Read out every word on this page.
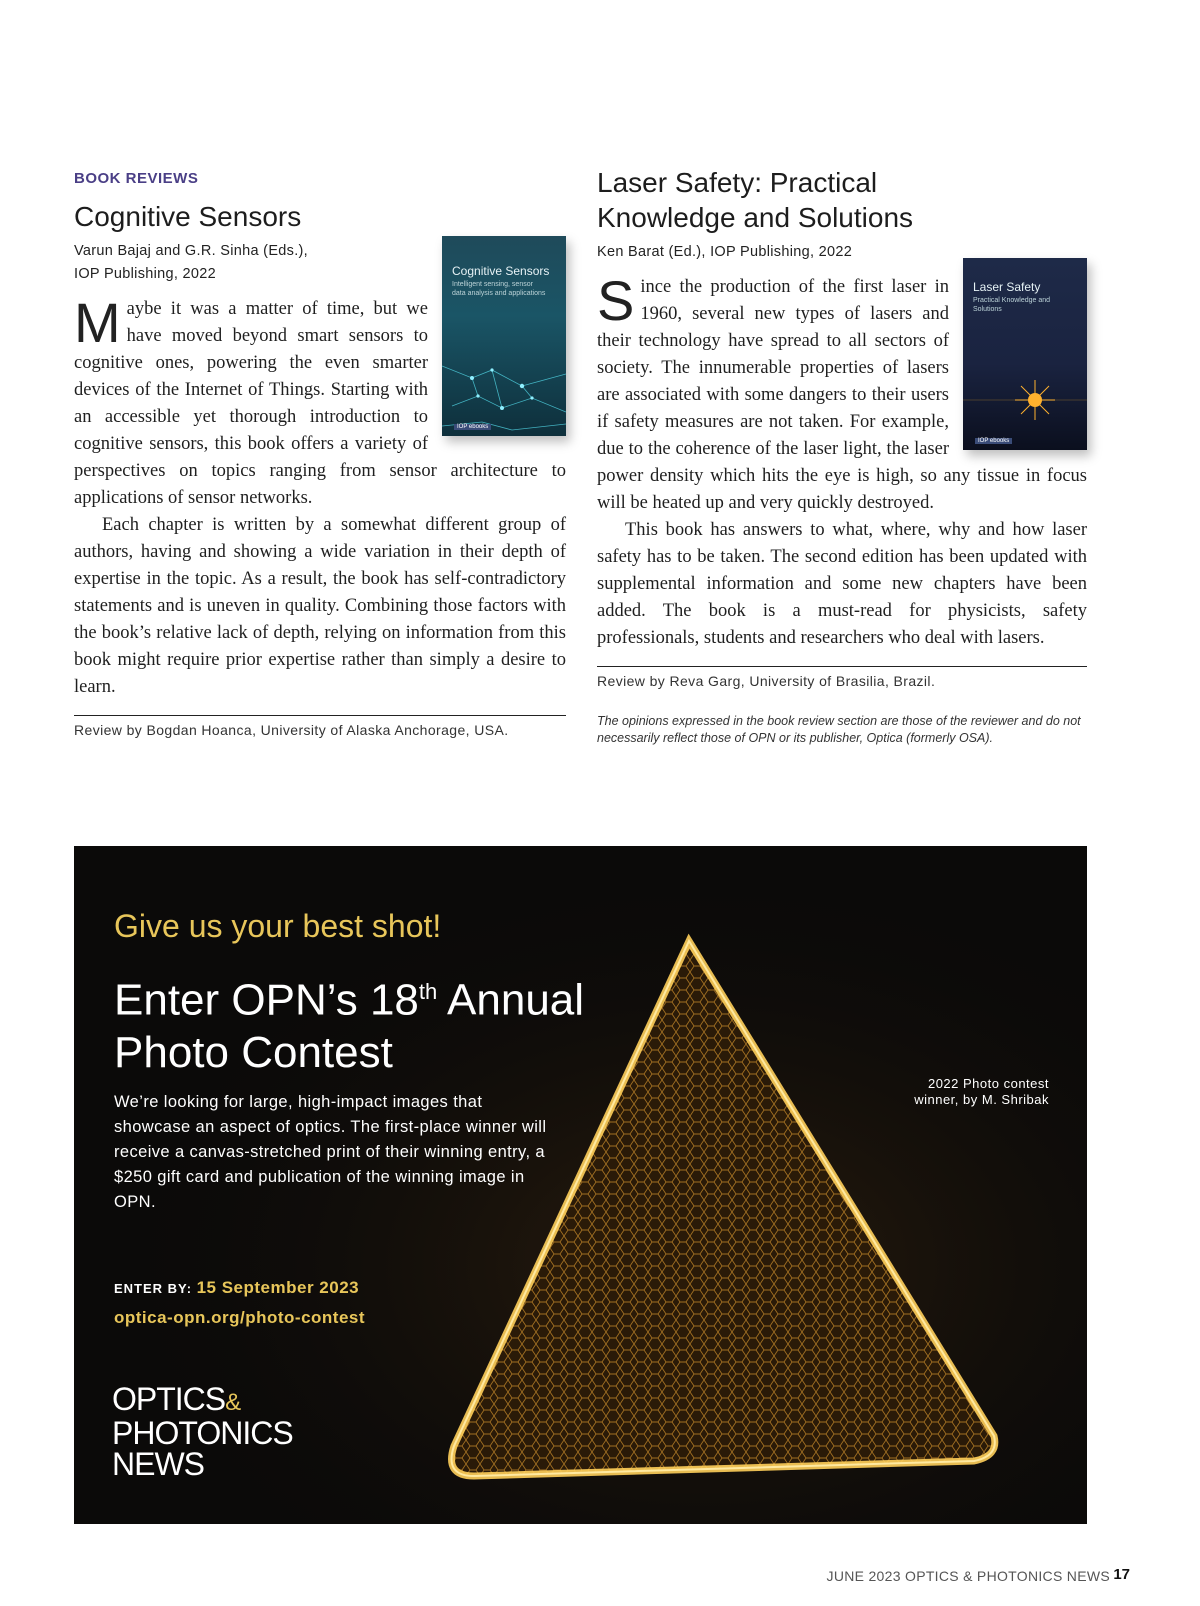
BOOK REVIEWS
Cognitive Sensors
Varun Bajaj and G.R. Sinha (Eds.),
IOP Publishing, 2022	Cognitive Sensors
Intelligent sensing, sensor data analysis and applications
IOP ebooks

Maybe it was a matter of time, but we have moved beyond smart sensors to cognitive ones, powering the even smarter devices of the Internet of Things. Starting with an accessible yet thorough introduction to cognitive sensors, this book offers a variety of perspectives on topics ranging from sensor architecture to applications of sensor networks.

Each chapter is written by a somewhat different group of authors, having and showing a wide variation in their depth of expertise in the topic. As a result, the book has self-contradictory statements and is uneven in quality. Combining those factors with the book’s relative lack of depth, relying on information from this book might require prior expertise rather than simply a desire to learn.

Review by Bogdan Hoanca, University of Alaska Anchorage, USA.
Laser Safety: Practical Knowledge and Solutions
Ken Barat (Ed.), IOP Publishing, 2022
Laser Safety
Practical Knowledge and Solutions
IOP ebooks

Since the production of the first laser in 1960, several new types of lasers and their technology have spread to all sectors of society. The innumerable properties of lasers are associated with some dangers to their users if safety measures are not taken. For example, due to the coherence of the laser light, the laser power density which hits the eye is high, so any tissue in focus will be heated up and very quickly destroyed.

This book has answers to what, where, why and how laser safety has to be taken. The second edition has been updated with supplemental information and some new chapters have been added. The book is a must-read for physicists, safety professionals, students and researchers who deal with lasers.

Review by Reva Garg, University of Brasilia, Brazil.
The opinions expressed in the book review section are those of the reviewer and do not necessarily reflect those of OPN or its publisher, Optica (formerly OSA).
Give us your best shot!
Enter OPN’s 18th Annual Photo Contest
We’re looking for large, high-impact images that showcase an aspect of optics. The first-place winner will receive a canvas-stretched print of their winning entry, a $250 gift card and publication of the winning image in OPN.
ENTER BY: 15 September 2023
optica-opn.org/photo-contest
OPTICS&
PHOTONICS
NEWS
2022 Photo contest winner, by M. Shribak
JUNE 2023 OPTICS & PHOTONICS NEWS 17
